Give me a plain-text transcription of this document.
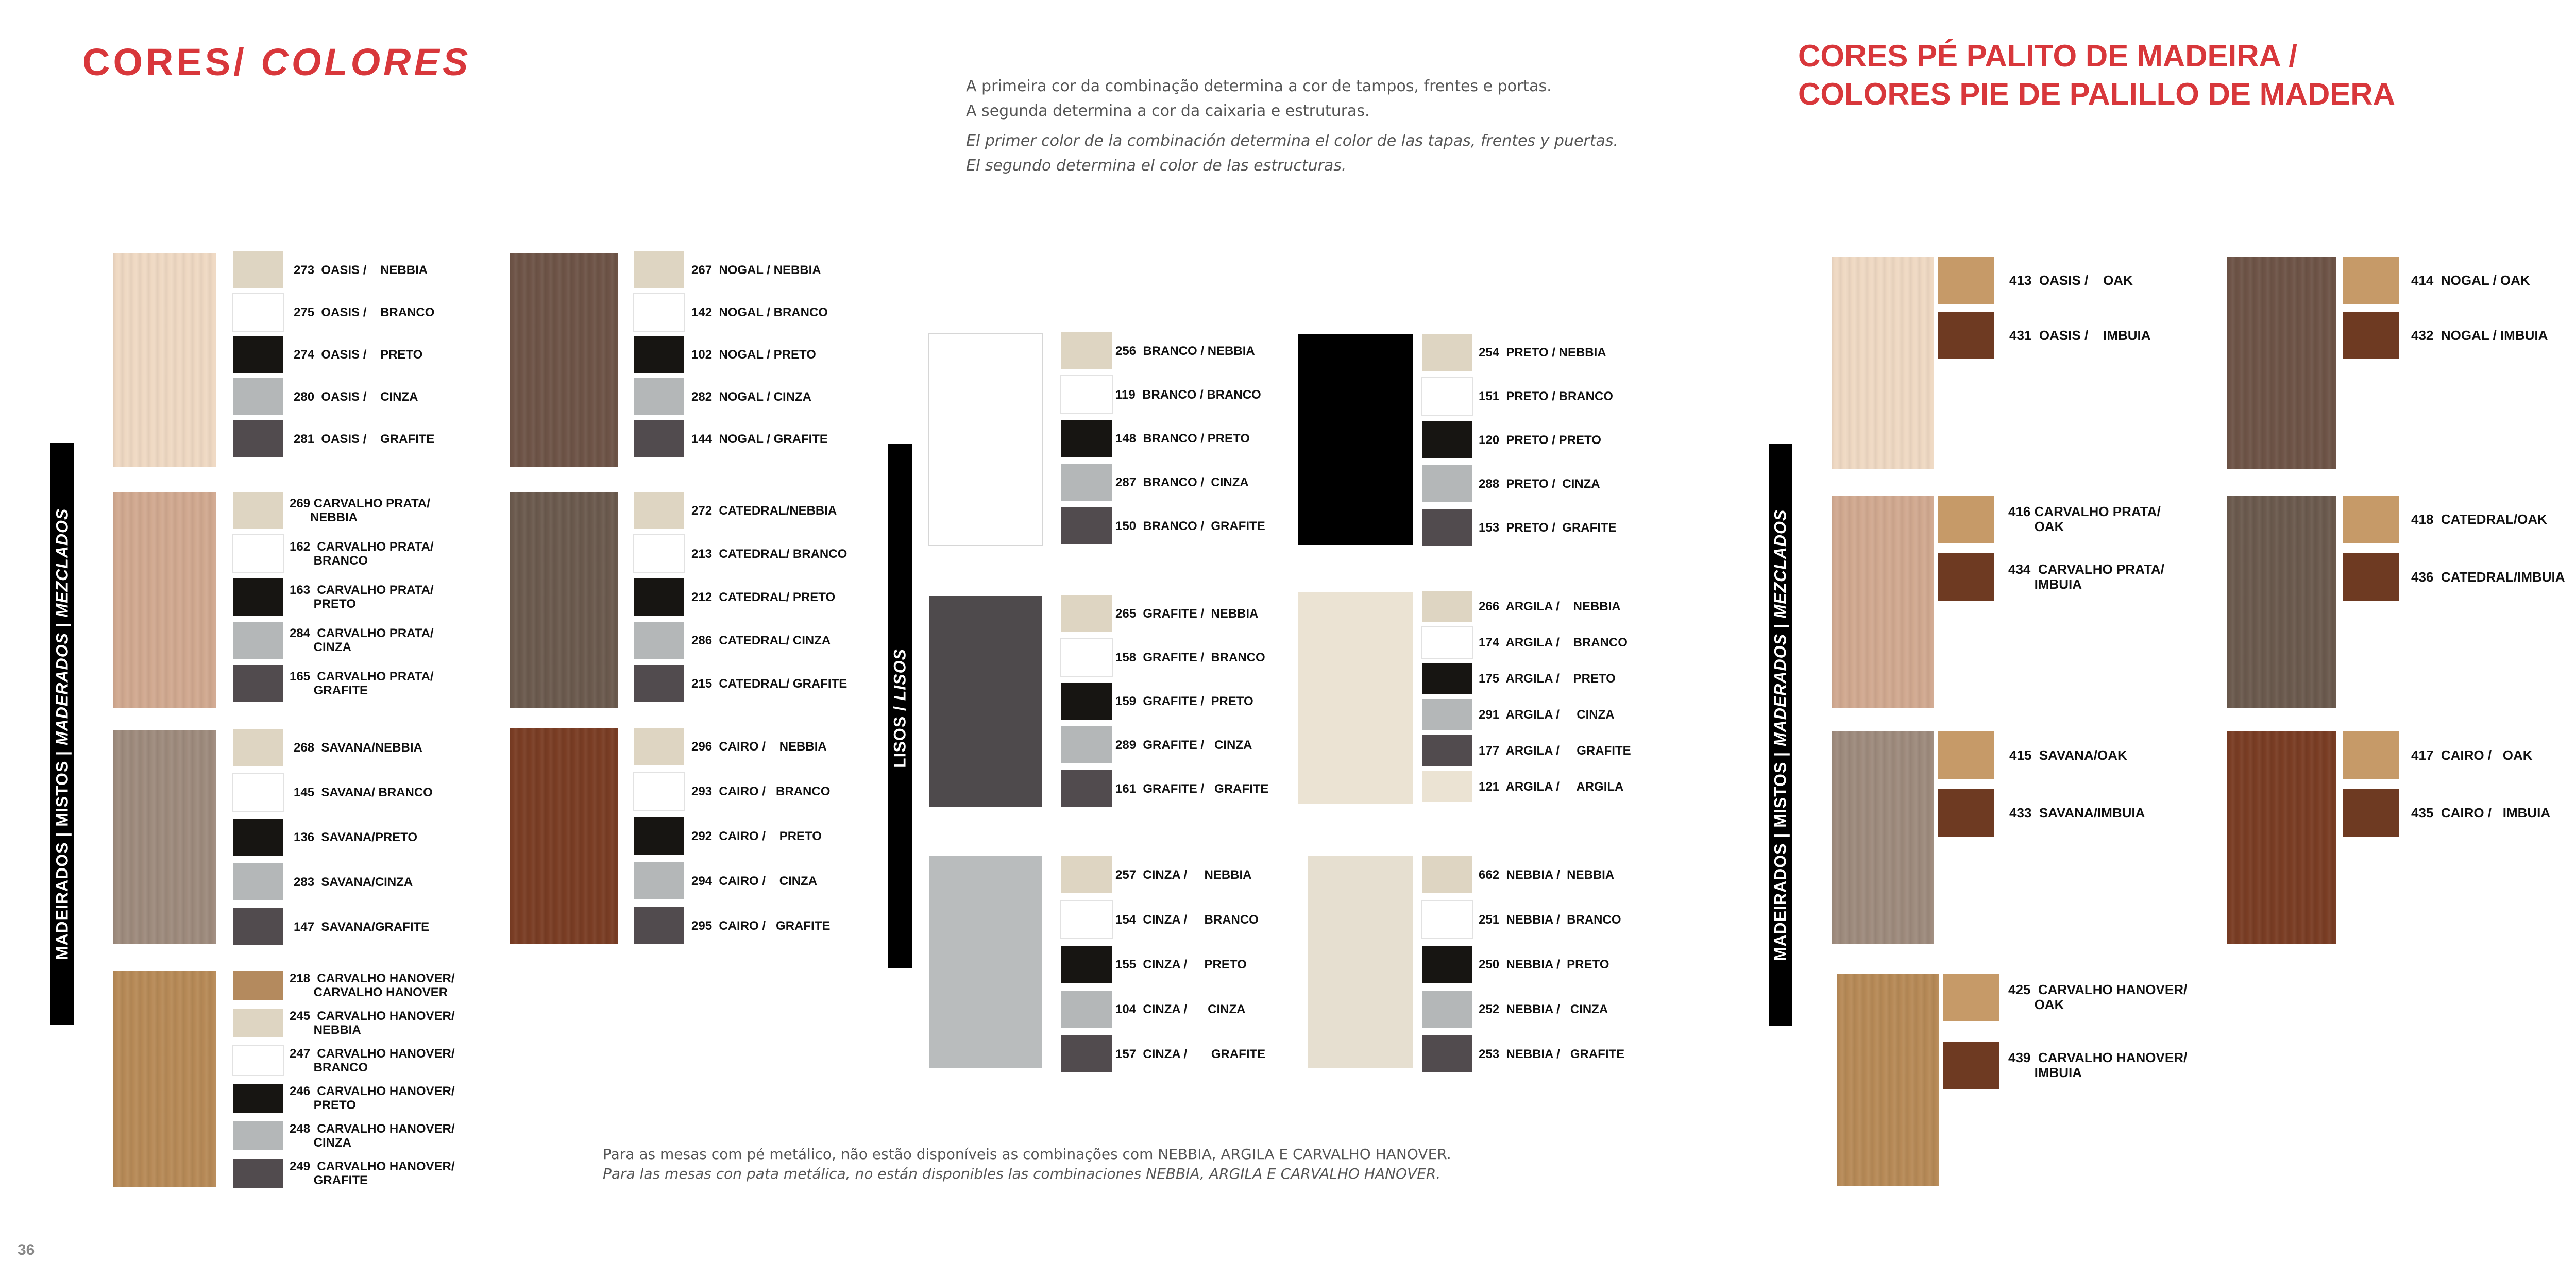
CORES/ COLORES
A primeira cor da combinação determina a cor de tampos, frentes e portas.
A segunda determina a cor da caixaria e estruturas.
El primer color de la combinación determina el color de las tapas, frentes y puertas.
El segundo determina el color de las estructuras.
MADEIRADOS | MISTOS | MADERADOS | MEZCLADOS	LISOS / LISOS
273  OASIS /    NEBBIA
275  OASIS /    BRANCO
274  OASIS /    PRETO
280  OASIS /    CINZA
281  OASIS /    GRAFITE
267  NOGAL / NEBBIA
142  NOGAL / BRANCO
102  NOGAL / PRETO
282  NOGAL / CINZA
144  NOGAL / GRAFITE
269 CARVALHO PRATA/
NEBBIA
162  CARVALHO PRATA/
BRANCO
163  CARVALHO PRATA/
PRETO
284  CARVALHO PRATA/
CINZA
165  CARVALHO PRATA/
GRAFITE
272  CATEDRAL/NEBBIA
213  CATEDRAL/ BRANCO
212  CATEDRAL/ PRETO
286  CATEDRAL/ CINZA
215  CATEDRAL/ GRAFITE
268  SAVANA/NEBBIA
145  SAVANA/ BRANCO
136  SAVANA/PRETO
283  SAVANA/CINZA
147  SAVANA/GRAFITE
296  CAIRO /    NEBBIA
293  CAIRO /   BRANCO
292  CAIRO /    PRETO
294  CAIRO /    CINZA
295  CAIRO /   GRAFITE
218  CARVALHO HANOVER/
CARVALHO HANOVER
245  CARVALHO HANOVER/
NEBBIA
247  CARVALHO HANOVER/
BRANCO
246  CARVALHO HANOVER/
PRETO
248  CARVALHO HANOVER/
CINZA
249  CARVALHO HANOVER/
GRAFITE
256  BRANCO / NEBBIA
119  BRANCO / BRANCO
148  BRANCO / PRETO
287  BRANCO /  CINZA
150  BRANCO /  GRAFITE
254  PRETO / NEBBIA
151  PRETO / BRANCO
120  PRETO / PRETO
288  PRETO /  CINZA
153  PRETO /  GRAFITE
265  GRAFITE /  NEBBIA
158  GRAFITE /  BRANCO
159  GRAFITE /  PRETO
289  GRAFITE /   CINZA
161  GRAFITE /   GRAFITE
266  ARGILA /    NEBBIA
174  ARGILA /    BRANCO
175  ARGILA /    PRETO
291  ARGILA /     CINZA
177  ARGILA /     GRAFITE
121  ARGILA /     ARGILA
257  CINZA /     NEBBIA
154  CINZA /     BRANCO
155  CINZA /     PRETO
104  CINZA /      CINZA
157  CINZA /       GRAFITE
662  NEBBIA /  NEBBIA
251  NEBBIA /  BRANCO
250  NEBBIA /  PRETO
252  NEBBIA /   CINZA
253  NEBBIA /   GRAFITE
Para as mesas com pé metálico, não estão disponíveis as combinações com NEBBIA, ARGILA E CARVALHO HANOVER.
Para las mesas con pata metálica, no están disponibles las combinaciones NEBBIA, ARGILA E CARVALHO HANOVER.
36
CORES PÉ PALITO DE MADEIRA /
COLORES PIE DE PALILLO DE MADERA
MADEIRADOS | MISTOS | MADERADOS | MEZCLADOS
413  OASIS /    OAK
431  OASIS /    IMBUIA
414  NOGAL / OAK
432  NOGAL / IMBUIA
416 CARVALHO PRATA/
OAK
434  CARVALHO PRATA/
IMBUIA
418  CATEDRAL/OAK
436  CATEDRAL/IMBUIA
415  SAVANA/OAK
433  SAVANA/IMBUIA
417  CAIRO /   OAK
435  CAIRO /   IMBUIA
425  CARVALHO HANOVER/
OAK
439  CARVALHO HANOVER/
IMBUIA
